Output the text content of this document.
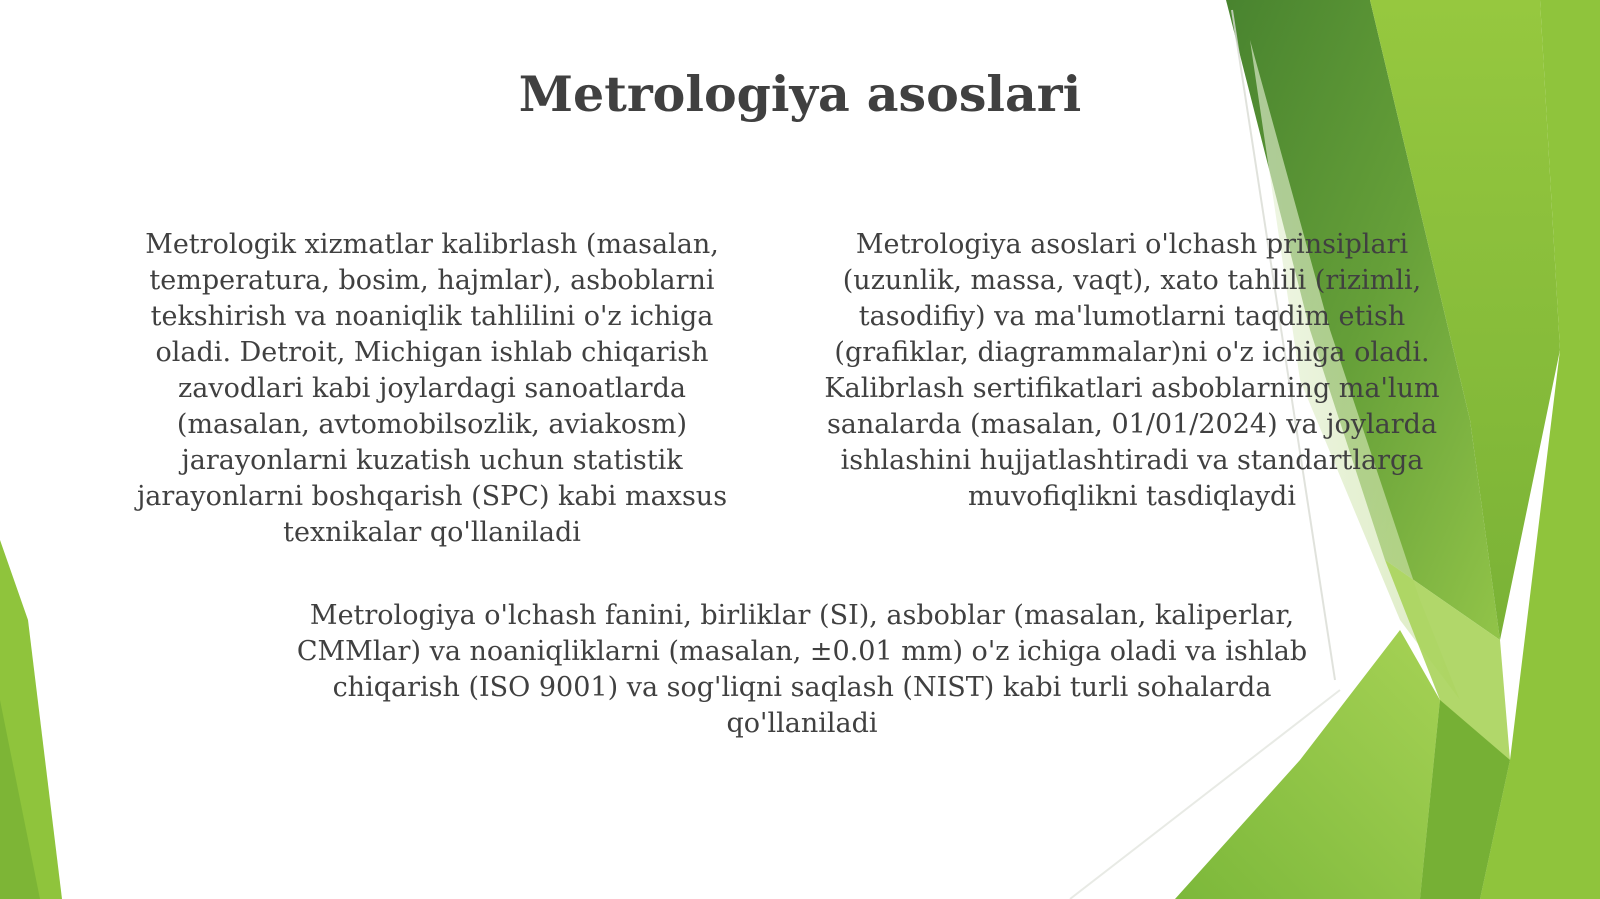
Metrologiya asoslari

Metrologik xizmatlar kalibrlash (masalan, temperatura, bosim, hajmlar), asboblarni tekshirish va noaniqlik tahlilini o'z ichiga oladi. Detroit, Michigan ishlab chiqarish zavodlari kabi joylardagi sanoatlarda (masalan, avtomobilsozlik, aviakosm) jarayonlarni kuzatish uchun statistik jarayonlarni boshqarish (SPC) kabi maxsus texnikalar qo'llaniladi

Metrologiya asoslari o'lchash prinsiplari (uzunlik, massa, vaqt), xato tahlili (rizimli, tasodifiy) va ma'lumotlarni taqdim etish (grafiklar, diagrammalar)ni o'z ichiga oladi. Kalibrlash sertifikatlari asboblarning ma'lum sanalarda (masalan, 01/01/2024) va joylarda ishlashini hujjatlashtiradi va standartlarga muvofiqlikni tasdiqlaydi

Metrologiya o'lchash fanini, birliklar (SI), asboblar (masalan, kaliperlar, CMMlar) va noaniqliklarni (masalan, ±0.01 mm) o'z ichiga oladi va ishlab chiqarish (ISO 9001) va sog'liqni saqlash (NIST) kabi turli sohalarda qo'llaniladi
